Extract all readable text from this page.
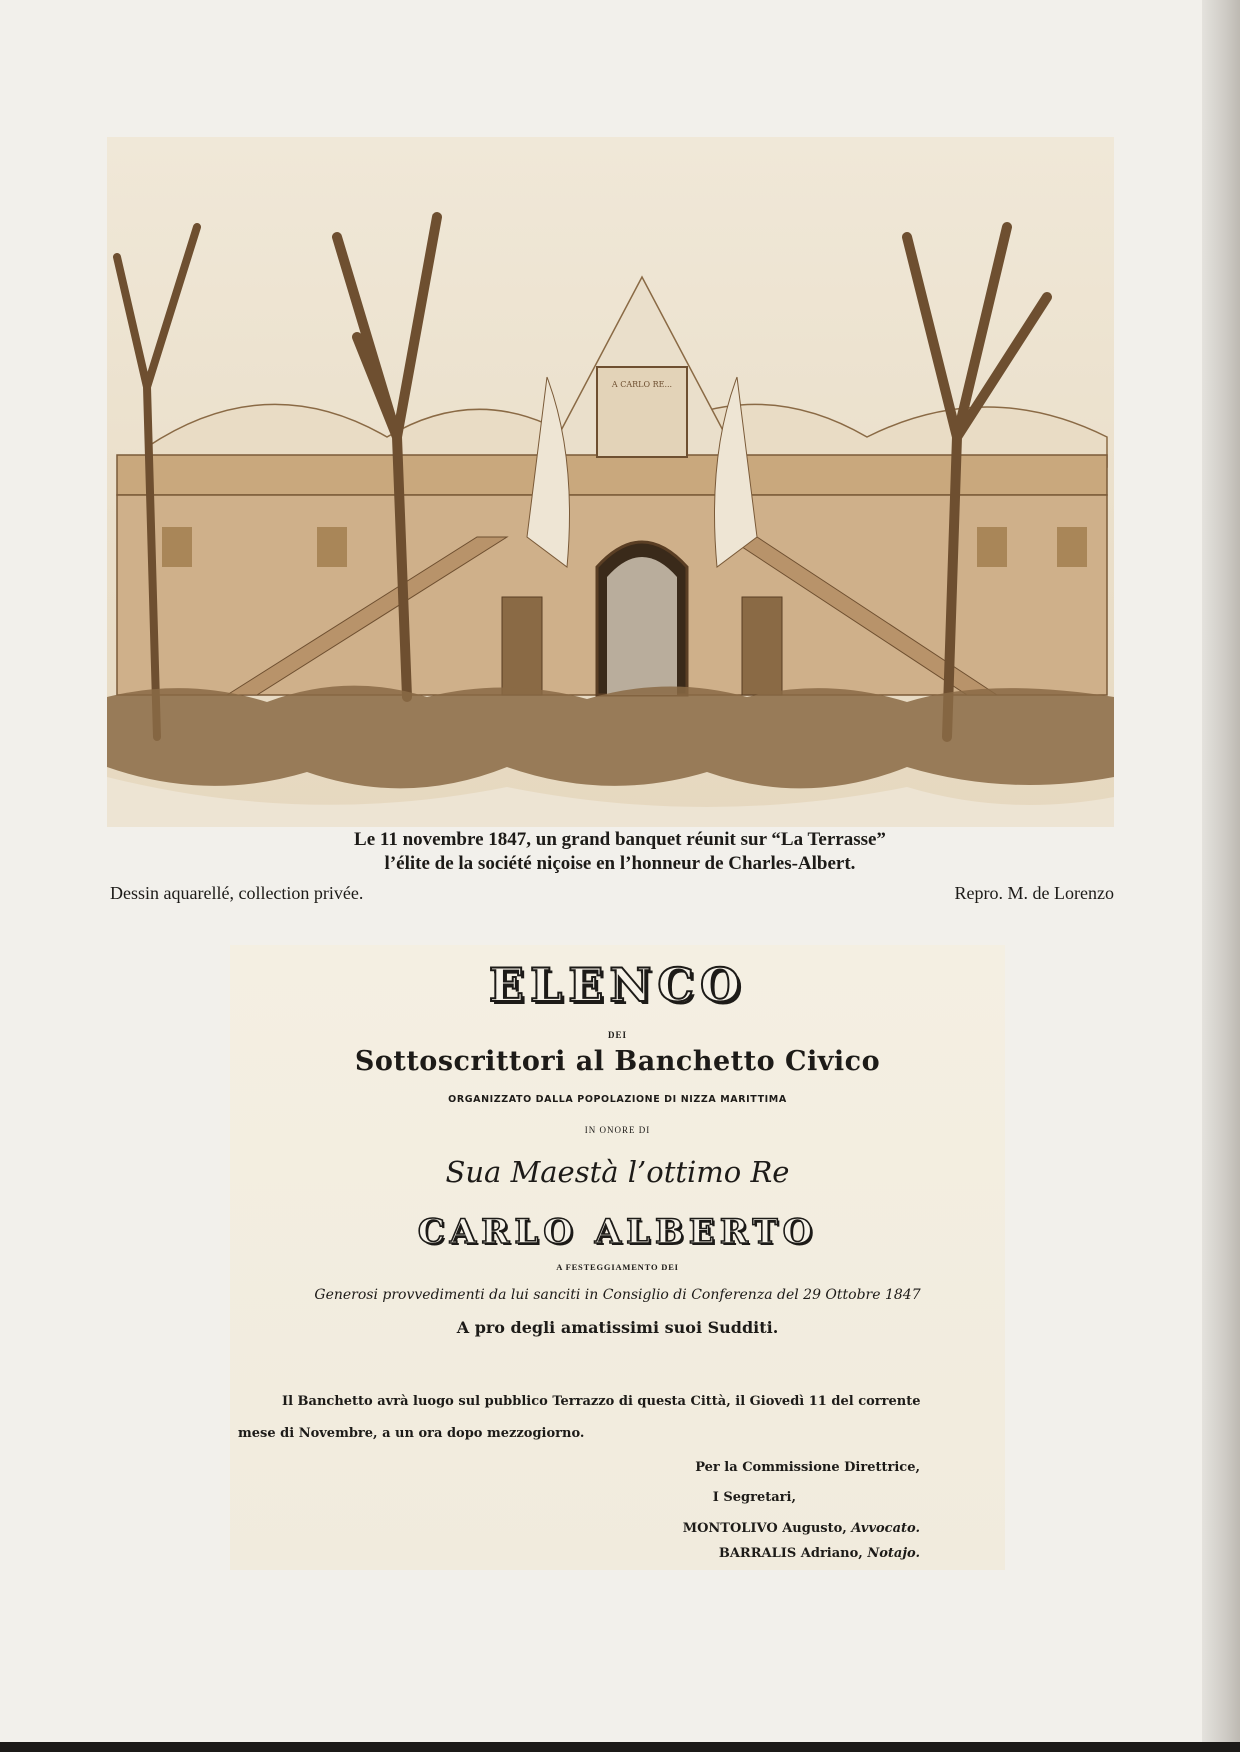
A CARLO RE...
Le 11 novembre 1847, un grand banquet réunit sur “La Terrasse”
l’élite de la société niçoise en l’honneur de Charles-Albert.
Dessin aquarellé, collection privée.	Repro. M. de Lorenzo
ELENCO
DEI
Sottoscrittori al Banchetto Civico
ORGANIZZATO DALLA POPOLAZIONE DI NIZZA MARITTIMA
IN ONORE DI
Sua Maestà l’ottimo Re
CARLO ALBERTO
A FESTEGGIAMENTO DEI
Generosi provvedimenti da lui sanciti in Consiglio di Conferenza del 29 Ottobre 1847
A pro degli amatissimi suoi Sudditi.
Il Banchetto avrà luogo sul pubblico Terrazzo di questa Città, il Giovedì 11 del corrente
mese di Novembre, a un ora dopo mezzogiorno.
Per la Commissione Direttrice,
I Segretari,
MONTOLIVO Augusto, Avvocato.
BARRALIS Adriano, Notajo.
